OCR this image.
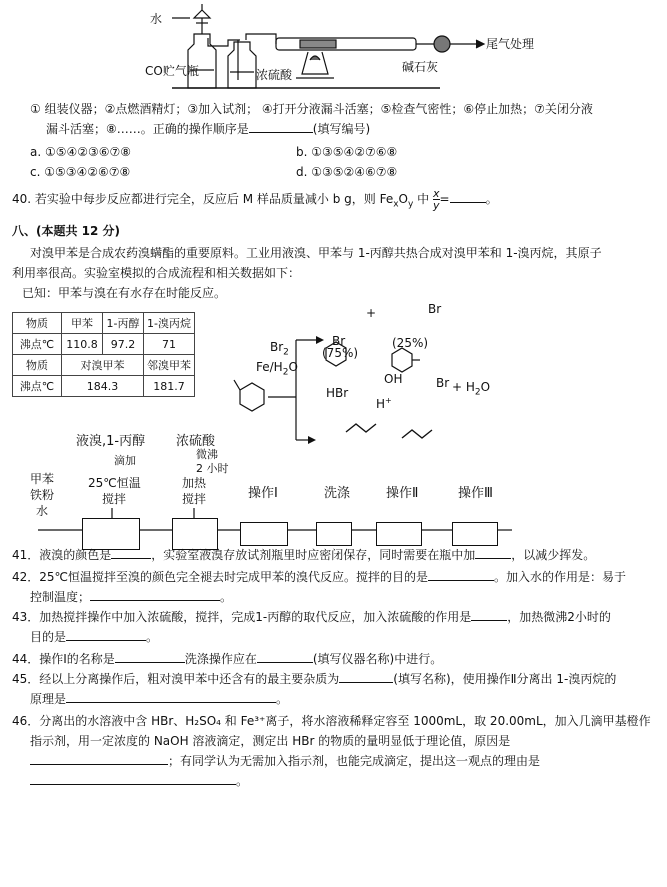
水
CO贮气瓶	浓硫酸
碱石灰
尾气处理
① 组装仪器；②点燃酒精灯；③加入试剂； ④打开分液漏斗活塞；⑤检查气密性；⑥停止加热；⑦关闭分液
漏斗活塞；⑧……。正确的操作顺序是	(填写编号)
a. ①⑤④②③⑥⑦⑧	b. ①③⑤④②⑦⑥⑧
c. ①⑤③④②⑥⑦⑧	d. ①③⑤②④⑥⑦⑧
40. 若实验中每步反应都进行完全，反应后 M 样品质量减小 b g，则 $Fe_xO_y$ 中 $\frac{x}{y}$ =	。
八、(本题共 12 分)
对溴甲苯是合成农药溴螨酯的重要原料。工业用液溴、甲苯与 1-丙醇共热合成对溴甲苯和 1-溴丙烷，其原子
利用率很高。实验室模拟的合成流程和相关数据如下：
已知：甲苯与溴在有水存在时能反应。
物质	甲苯	1-丙醇	1-溴丙烷
沸点℃	110.8	97.2	71
物质	对溴甲苯		邻溴甲苯
沸点℃	184.3		181.7
$Br_2$
$Fe/H_2O$
Br
(75%)
HBr
+	Br
(25%)
OH
H+
$Br + H_2O$
甲苯
铁粉
水
液溴,1-丙醇
滴加
25℃恒温
搅拌
浓硫酸
微沸
2 小时
加热
搅拌	操作Ⅰ	洗涤	操作Ⅱ	操作Ⅲ
41．液溴的颜色是	，实验室液溴存放试剂瓶里时应密闭保存，同时需要在瓶中加	，以减少挥发。
42．25℃恒温搅拌至溴的颜色完全褪去时完成甲苯的溴代反应。搅拌的目的是	。加入水的作用是：易于
控制温度；	。
43．加热搅拌操作中加入浓硫酸，搅拌，完成1-丙醇的取代反应，加入浓硫酸的作用是	，加热微沸2小时的
目的是	。
44．操作Ⅰ的名称是	洗涤操作应在	(填写仪器名称)中进行。
45．经以上分离操作后，粗对溴甲苯中还含有的最主要杂质为	(填写名称)，使用操作Ⅱ分离出 1-溴丙烷的
原理是	。
46．分离出的水溶液中含 HBr、H₂SO₄ 和 Fe³⁺离子，将水溶液稀释定容至 1000mL，取 20.00mL，加入几滴甲基橙作
指示剂，用一定浓度的 NaOH 溶液滴定，测定出 HBr 的物质的量明显低于理论值，原因是
；有同学认为无需加入指示剂，也能完成滴定，提出这一观点的理由是
。
